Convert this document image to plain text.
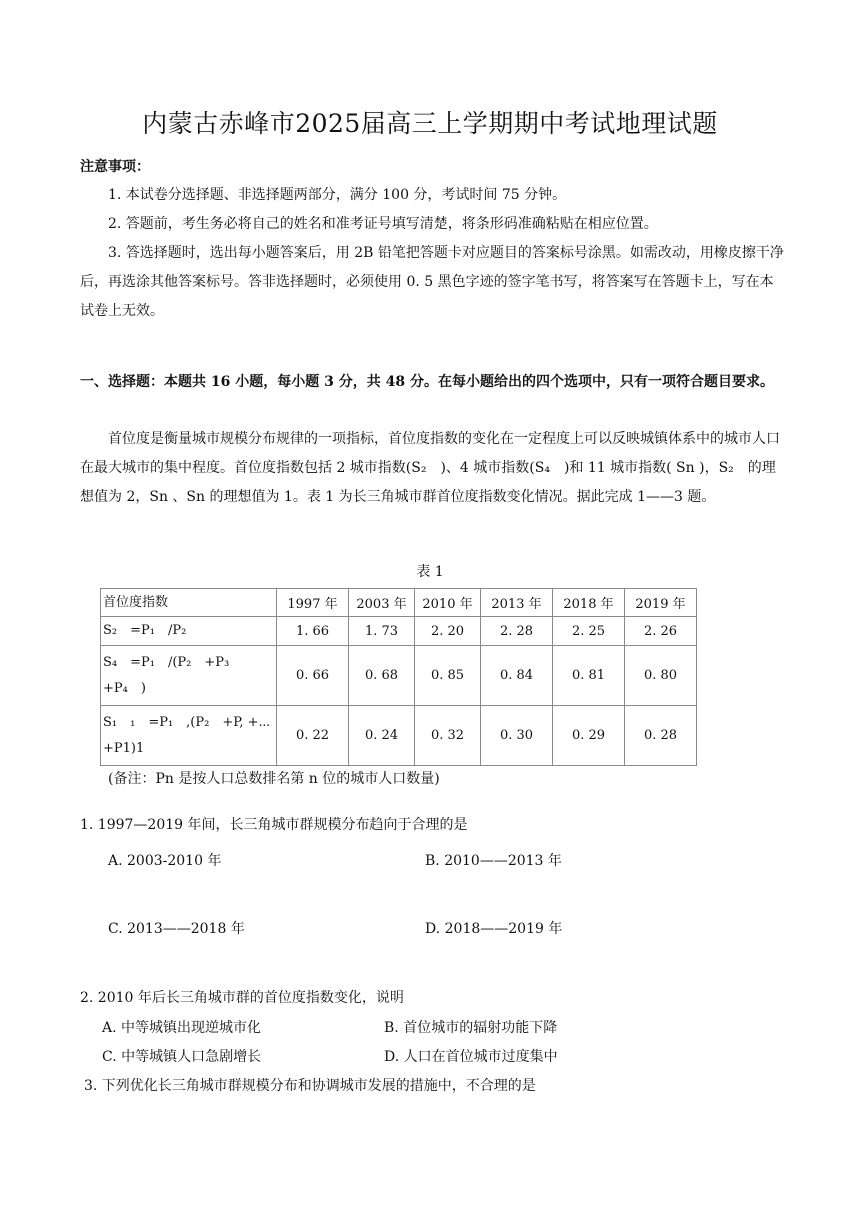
内蒙古赤峰市2025届高三上学期期中考试地理试题
注意事项：
1. 本试卷分选择题、非选择题两部分，满分 100 分，考试时间 75 分钟。
2. 答题前，考生务必将自己的姓名和准考证号填写清楚，将条形码准确粘贴在相应位置。
3. 答选择题时，选出每小题答案后，用 2B 铅笔把答题卡对应题目的答案标号涂黑。如需改动，用橡皮擦干净后，再选涂其他答案标号。答非选择题时，必须使用 0. 5 黑色字迹的签字笔书写，将答案写在答题卡上，写在本试卷上无效。
一、选择题：本题共 16 小题，每小题 3 分，共 48 分。在每小题给出的四个选项中，只有一项符合题目要求。
首位度是衡量城市规模分布规律的一项指标，首位度指数的变化在一定程度上可以反映城镇体系中的城市人口在最大城市的集中程度。首位度指数包括 2 城市指数(S₂　)、4 城市指数(S₄　)和 11 城市指数( Sn )，S₂　的理想值为 2，Sn 、Sn 的理想值为 1。表 1 为长三角城市群首位度指数变化情况。据此完成 1——3 题。
表 1
首位度指数	1997 年	2003 年	2010 年	2013 年	2018 年	2019 年
S₂　=P₁　/P₂	1. 66	1. 73	2. 20	2. 28	2. 25	2. 26
S₄　=P₁　/(P₂　+P₃　+P₄　)	0. 66	0. 68	0. 85	0. 84	0. 81	0. 80
S₁　₁　=P₁　,(P₂　+P, +⋯+P1)1	0. 22	0. 24	0. 32	0. 30	0. 29	0. 28
(备注：Pn 是按人口总数排名第 n 位的城市人口数量)
1. 1997—2019 年间，长三角城市群规模分布趋向于合理的是
A. 2003-2010 年	B. 2010——2013 年
C. 2013——2018 年	D. 2018——2019 年
2. 2010 年后长三角城市群的首位度指数变化，说明
A. 中等城镇出现逆城市化	B. 首位城市的辐射功能下降
C. 中等城镇人口急剧增长	D. 人口在首位城市过度集中
3. 下列优化长三角城市群规模分布和协调城市发展的措施中，不合理的是
